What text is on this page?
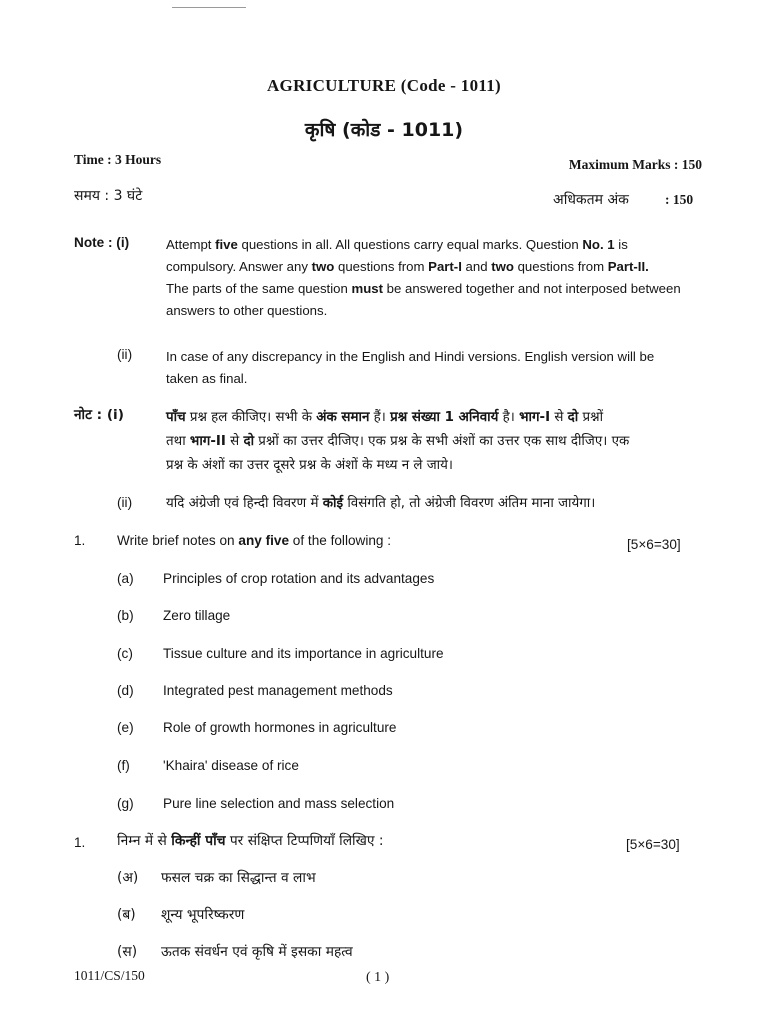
AGRICULTURE (Code - 1011)
कृषि (कोड - 1011)
Time : 3 Hours	Maximum Marks : 150
समय : 3 घंटे	अधिकतम अंक	: 150
Note : (i)	Attempt five questions in all. All questions carry equal marks. Question No. 1 is
compulsory. Answer any two questions from Part-I and two questions from Part-II.
The parts of the same question must be answered together and not interposed between
answers to other questions.
(ii)	In case of any discrepancy in the English and Hindi versions. English version will be
taken as final.
नोट : (i)	पाँच प्रश्न हल कीजिए। सभी के अंक समान हैं। प्रश्न संख्या 1 अनिवार्य है। भाग-I से दो प्रश्नों
तथा भाग-II से दो प्रश्नों का उत्तर दीजिए। एक प्रश्न के सभी अंशों का उत्तर एक साथ दीजिए। एक
प्रश्न के अंशों का उत्तर दूसरे प्रश्न के अंशों के मध्य न ले जाये।
(ii)	यदि अंग्रेजी एवं हिन्दी विवरण में कोई विसंगति हो, तो अंग्रेजी विवरण अंतिम माना जायेगा।
1. Write brief notes on any five of the following :	[5×6=30]
(a) Principles of crop rotation and its advantages
(b) Zero tillage
(c) Tissue culture and its importance in agriculture
(d) Integrated pest management methods
(e) Role of growth hormones in agriculture
(f) 'Khaira' disease of rice
(g) Pure line selection and mass selection
1. निम्न में से किन्हीं पाँच पर संक्षिप्त टिप्पणियाँ लिखिए :	[5×6=30]
(अ) फसल चक्र का सिद्धान्त व लाभ
(ब) शून्य भूपरिष्करण
(स) ऊतक संवर्धन एवं कृषि में इसका महत्व
1011/CS/150	( 1 )
